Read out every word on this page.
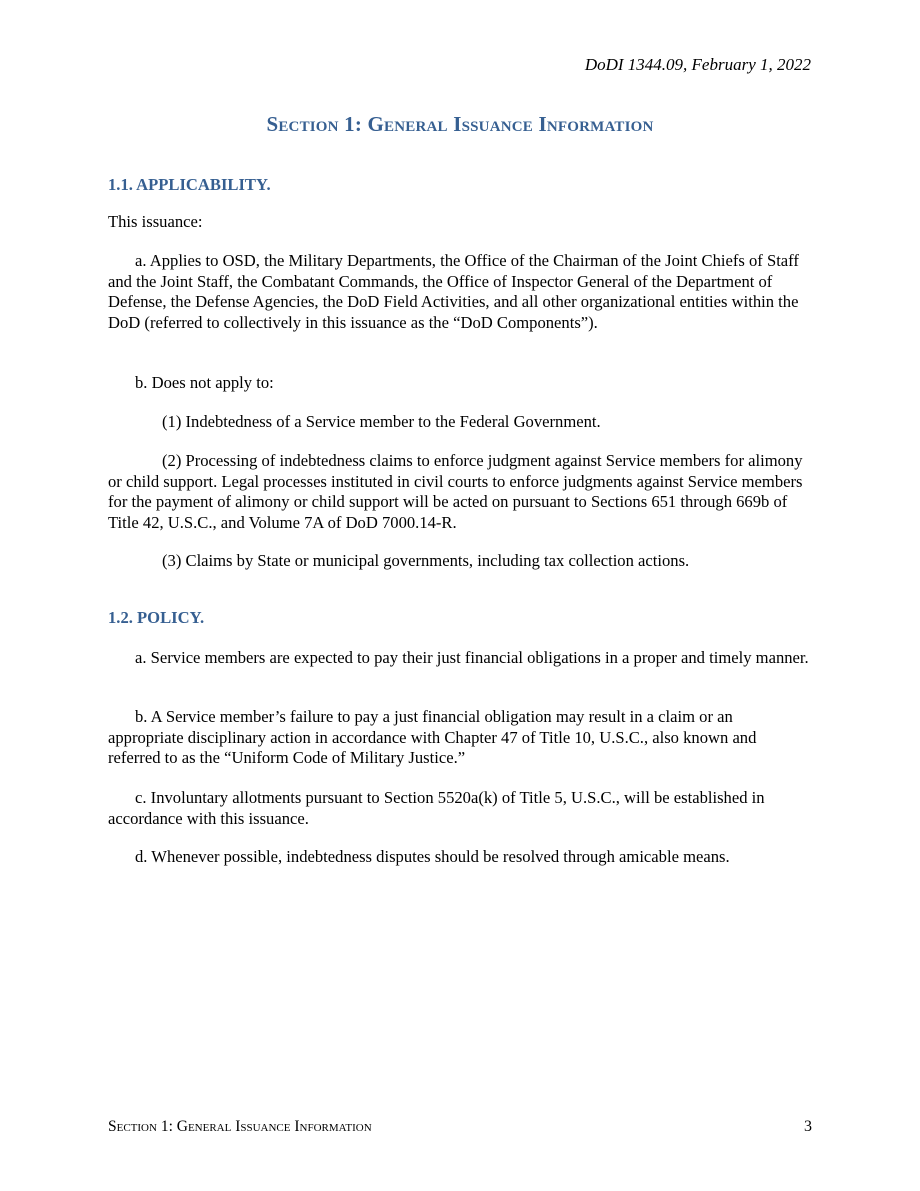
DoDI 1344.09, February 1, 2022
Section 1: General Issuance Information

1.1. APPLICABILITY.

This issuance:

a. Applies to OSD, the Military Departments, the Office of the Chairman of the Joint Chiefs of Staff and the Joint Staff, the Combatant Commands, the Office of Inspector General of the Department of Defense, the Defense Agencies, the DoD Field Activities, and all other organizational entities within the DoD (referred to collectively in this issuance as the “DoD Components”).

b. Does not apply to:

(1) Indebtedness of a Service member to the Federal Government.

(2) Processing of indebtedness claims to enforce judgment against Service members for alimony or child support. Legal processes instituted in civil courts to enforce judgments against Service members for the payment of alimony or child support will be acted on pursuant to Sections 651 through 669b of Title 42, U.S.C., and Volume 7A of DoD 7000.14-R.

(3) Claims by State or municipal governments, including tax collection actions.

1.2. POLICY.

a. Service members are expected to pay their just financial obligations in a proper and timely manner.

b. A Service member’s failure to pay a just financial obligation may result in a claim or an appropriate disciplinary action in accordance with Chapter 47 of Title 10, U.S.C., also known and referred to as the “Uniform Code of Military Justice.”

c. Involuntary allotments pursuant to Section 5520a(k) of Title 5, U.S.C., will be established in accordance with this issuance.

d. Whenever possible, indebtedness disputes should be resolved through amicable means.

Section 1: General Issuance Information	3
